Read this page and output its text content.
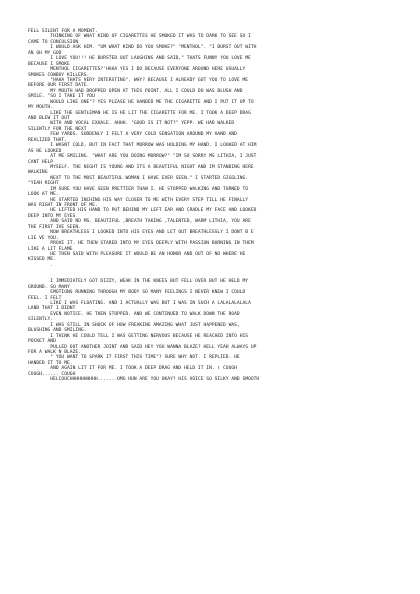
FELL SILENT FOR A MOMENT.
THINKING OF WHAT KIND OF CIGARETTES HE SMOKED IT WAS TO DARK TO SEE SO I
CAME TO CONCULSION
I WOULD ASK HIM. "UM WHAT KIND DO YOU SMOKE?" "MENTHOL". "I BURST OUT WITH
AN OH MY GOD
I LOVE YOU!!! HE BURSTED OUT LAUGHING AND SAID," THATS FUNNY YOU LOVE ME
BECAUSE I SMOKE
MENTHOL CIGARETTES?'HAHA YES I DO BECAUSE EVERYONE AROUND HERE USUALLY
SMOKES COWBOY KILLERS.
"HAHA THATS VERY INTERSTING". WHY? BECAUSE I ALREADY GOT YOU TO LOVE ME
BEFORE OUR FIRST DATE.
MY MOUTH HAD DROPPED OPEN AT THIS POINT. ALL I COULD DO WAS BLUSH AND
SMILE. "SO I TAKE IT YOU
WOULD LIKE ONE"? YES PLEASE HE HANDED ME THE CIGARETTE AND I PUT IT UP TO
MY MOUTH.
LIKE THE GENTLEMAN HE IS HE LIT THE CIGARETTE FOR ME. I TOOK A DEEP DRAG
AND BLEW IT OUT
WITH AND VOCAL EXHALE. AHHH. "GOOD IS IT NOT?" YEPP. WE HAD WALKED
SILENTLY FOR THE NEXT
FEW YARDS. SUDDENLY I FELT A VERY COLD SENSATION AROUND MY HAND AND
REALIZED THAT,
I WASNT COLD, BUT IN FACT THAT MORROW WAS HOLDING MY HAND. I LOOKED AT HIM
AS HE LOOKED
AT ME SMILING. "WHAT ARE YOU DOING MORROW?" "IM SO SORRY MS LITHIA, I JUST
CANT HELP
MYSELF. THE NIGHT IS YOUNG AND ITS A BEAUTIFUL NIGHT AND IM STANDING HERE
WALKING
NEXT TO THE MOST BEAUTIFUL WOMAN I HAVE EVER SEEN." I STARTED GIGGLING.
"YEAH RIGHT
IM SURE YOU HAVE SEEN PRETTIER THAN I. HE STOPPED WALKING AND TURNED TO
LOOK AT ME.
HE STARTED INCHING HIS WAY CLOSER TO ME WITH EVERY STEP TILL HE FINALLY
WAS RIGHT IN FRONT OF ME.
HE LIFTED HIS HAND TO PUT BEHIND MY LEFT EAR AND CRADLE MY FACE AND LOOKED
DEEP INTO MY EYES
AND SAID NO MS. BEAUTIFUL ,BREATH TAKING ,TALENTED, WARM LITHIA, YOU ARE
THE FIRST IVE SEEN.
NOW BREATHLESS I LOOKED INTO HIS EYES AND LET OUT BREATHLESSLY I DONT B E
LIE VE YOU.
PROVE IT. HE THEN STARED INTO MY EYES DEEPLY WITH PASSION BURNING IN THEM
LIKE A LIT FLAME
HE THEN SAID WITH PLEASURE IT WOULD BE AN HONOR AND OUT OF NO WHERE HE
KISSED ME.
.
I IMMEDIATELY GOT DIZZY, WEAK IN THE KNEES BUT FELL OVER BUT HE HELD MY
GROUND. SO MANY
EMOTIONS RUNNING THROUGH MY BODY SO MANY FEELINGS I NEVER KNEW I COULD
FEEL. I FELT
LIKE I WAS FLOATING. AND I ACTUALLY WAS BUT I WAS IN SUCH A LALALALALALA
LAND THAT I DIDNT
EVEN NOTICE. HE THEN STOPPED. AND WE CONTINUED TO WALK DOWN THE ROAD
SILENTLY.
I WAS STILL IN SHOCK OF HOW FREAKING AMAZING WHAT JUST HAPPENED WAS,
BLUSHING AND SMILING.
I THINK HE COULD TELL I WAS GETTING NERVOUS BECAUSE HE REACHED INTO HIS
POCKET AND
PULLED OUT ANOTHER JOINT AND SAID HEY YOU WANNA BLAZE? HELL YEAH ALWAYS UP
FOR A WALK N BLAZE.
" YOU WANT TO SPARK IT FIRST THIS TIME"? SURE WHY NOT. I REPLIED. HE
HANDED IT TO ME.
AND AGAIN LIT IT FOR ME. I TOOK A DEEP DRAG AND HELD IT IN. ( COUGH
COUGH...... COUGH
HELCOUCHHHHHHHHHH...... OMG HUN ARE YOU OKAY? HIS VOICE SO SILKY AND SMOOTH
